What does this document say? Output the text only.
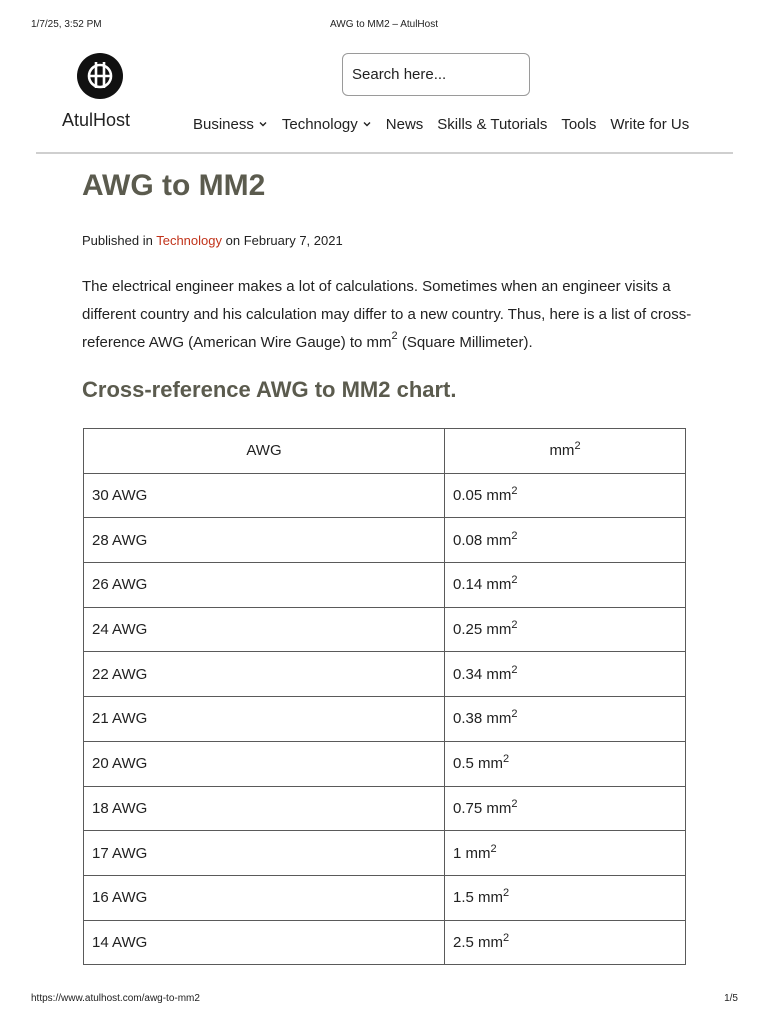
1/7/25, 3:52 PM	AWG to MM2 – AtulHost
AtulHost
Search here...	Business Technology News Skills & Tutorials Tools Write for Us
AWG to MM2
Published in Technology on February 7, 2021

The electrical engineer makes a lot of calculations. Sometimes when an engineer visits a different country and his calculation may differ to a new country. Thus, here is a list of cross-reference AWG (American Wire Gauge) to $mm^2$ (Square Millimeter).

Cross-reference AWG to MM2 chart.
AWG	$mm^2$
30 AWG	0.05 $mm^2$
28 AWG	0.08 $mm^2$
26 AWG	0.14 $mm^2$
24 AWG	0.25 $mm^2$
22 AWG	0.34 $mm^2$
21 AWG	0.38 $mm^2$
20 AWG	0.5 $mm^2$
18 AWG	0.75 $mm^2$
17 AWG	1 $mm^2$
16 AWG	1.5 $mm^2$
14 AWG	2.5 $mm^2$
https://www.atulhost.com/awg-to-mm2	1/5
